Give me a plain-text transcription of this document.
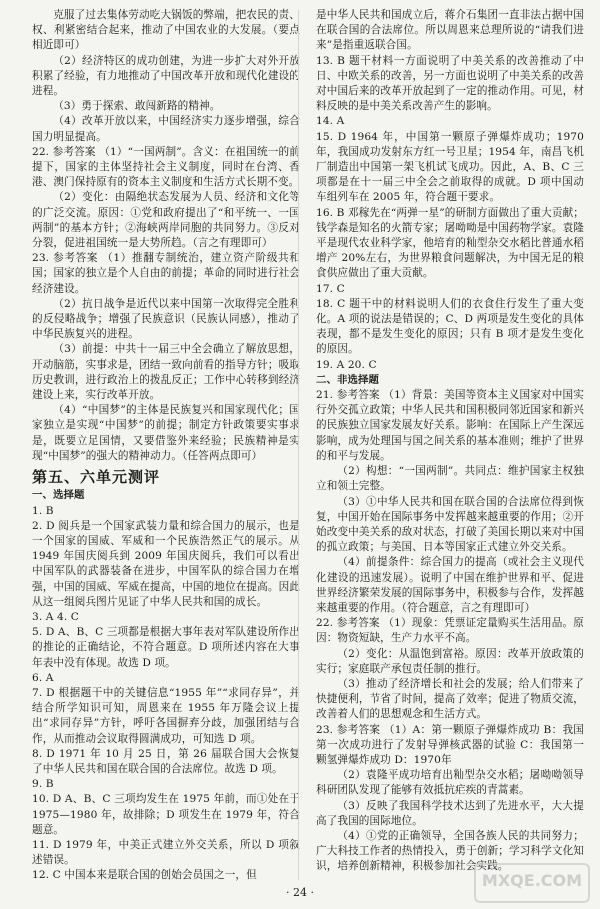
克服了过去集体劳动吃大锅饭的弊端，把农民的责、权、利紧密结合起来，推动了中国农业的大发展。（要点相近即可）

（2）经济特区的成功创建，为进一步扩大对外开放积累了经验，有力地推动了中国改革开放和现代化建设的进程。

（3）勇于探索、敢闯新路的精神。

（4）改革开放以来，中国经济实力逐步增强，综合国力明显提高。

22. 参考答案 （1）“一国两制”。含义：在祖国统一的前提下，国家的主体坚持社会主义制度，同时在台湾、香港、澳门保持原有的资本主义制度和生活方式长期不变。

（2）变化：由隔绝状态发展为人员、经济和文化等的广泛交流。原因：①党和政府提出了“和平统一、一国两制”的基本方针；②海峡两岸同胞的共同努力。③反对分裂，促进祖国统一是大势所趋。（言之有理即可）

23. 参考答案 （1）推翻专制统治，建立资产阶级共和国；国家的独立是个人自由的前提；革命的同时进行社会经济建设。

（2）抗日战争是近代以来中国第一次取得完全胜利的反侵略战争；增强了民族意识（民族认同感），推动了中华民族复兴的进程。

（3）前提：中共十一届三中全会确立了解放思想，开动脑筋，实事求是，团结一致向前看的指导方针；吸取历史教训，进行政治上的拨乱反正；工作中心转移到经济建设上来，实行改革开放。

（4）“中国梦”的主体是民族复兴和国家现代化；国家独立是实现“中国梦”的前提；制定方针政策要实事求是，既要立足国情，又要借鉴外来经验；民族精神是实现“中国梦”的强大的精神动力。（任答两点即可）

第五、六单元测评

一、选择题

1. B

2. D 阅兵是一个国家武装力量和综合国力的展示，也是一个国家的国威、军威和一个民族浩然正气的展示。从 1949 年国庆阅兵到 2009 年国庆阅兵，我们可以看出中国军队的武器装备在进步，中国军队的综合国力在增强，中国的国威、军威在提高，中国的地位在提高。因此从这一组阅兵图片见证了中华人民共和国的成长。

3. A 4. C

5. D A、B、C 三项都是根据大事年表对军队建设所作出的推论的正确结论，不符合题意。D 项所述内容在大事年表中没有体现。故选 D 项。

6. A

7. D 根据题干中的关键信息“1955 年”“求同存异”，并结合所学知识可知，周恩来在 1955 年万隆会议上提出“求同存异”方针，呼吁各国摒弃分歧，加强团结与合作，从而推动会议取得圆满成功，可知选 D 项。

8. D 1971 年 10 月 25 日，第 26 届联合国大会恢复了中华人民共和国在联合国的合法席位。故选 D 项。

9. B

10. D A、B、C 三项均发生在 1975 年前，而①处在于 1975—1980 年，故排除；D 项发生在 1979 年，符合题意。

11. D 1979 年，中美正式建立外交关系，所以 D 项叙述错误。

12. C 中国本来是联合国的创始会员国之一，但

是中华人民共和国成立后，蒋介石集团一直非法占据中国在联合国的合法席位。所以周恩来总理所说的“请我们进来”是指重返联合国。

13. B 题干材料一方面说明了中美关系的改善推动了中日、中欧关系的改善，另一方面也说明了中美关系的改善对中国后来的改革开放起到了一定的推动作用。可见，材料反映的是中美关系改善产生的影响。

14. A

15. D 1964 年，中国第一颗原子弹爆炸成功；1970 年，我国成功发射东方红一号卫星；1954 年，南昌飞机厂制造出中国第一架飞机试飞成功。因此，A、B、C 三项都是在十一届三中全会之前取得的成就。D 项中国动车组列车在 2005 年，符合题干要求。

16. B 邓稼先在“两弹一星”的研制方面做出了重大贡献；钱学森是知名的火箭专家；屠呦呦是中国药物学家。袁隆平是现代农业科学家，他培育的籼型杂交水稻比普通水稻增产 20%左右，为世界粮食问题解决，为中国无足的粮食供应做出了重大贡献。

17. C

18. C 题干中的材料说明人们的衣食住行发生了重大变化。A 项的说法是错误的；C、D 两项是发生变化的具体表现，都不是发生变化的原因；只有 B 项才是发生变化的原因。

19. A 20. C

二、非选择题

21. 参考答案 （1）背景：美国等资本主义国家对中国实行外交孤立政策；中华人民共和国积极同邻近国家和新兴的民族独立国家发展友好关系。影响：在国际上产生深远影响，成为处理国与国之间关系的基本准则；维护了世界的和平与发展。

（2）构想：“一国两制”。共同点：维护国家主权独立和领土完整。

（3）①中华人民共和国在联合国的合法席位得到恢复，中国开始在国际事务中发挥越来越重要的作用；②开始改变中美关系的敌对状态，打破了美国长期以来对中国的孤立政策；与美国、日本等国家正式建立外交关系。

（4）前提条件：综合国力的提高（或社会主义现代化建设的迅速发展）。说明了中国在维护世界和平、促进世界经济繁荣发展的国际事务中，积极参与合作，发挥越来越重要的作用。（符合题意，言之有理即可）

22. 参考答案 （1）现象：凭票证定量购买生活用品。原因：物资短缺，生产力水平不高。

（2）变化：从温饱到富裕。原因：改革开放政策的实行；家庭联产承包责任制的推行。

（3）推动了经济增长和社会的发展；给人们带来了快捷便利，节省了时间，提高了效率；促进了物质交流，改善着人们的思想观念和生活方式。

23. 参考答案 （1）A：第一颗原子弹爆炸成功 B：我国第一次成功进行了发射导弹核武器的试验 C：我国第一颗氢弹爆炸成功 D：1970年

（2）袁隆平成功培育出籼型杂交水稻；屠呦呦领导科研团队发现了能够有效抵抗疟疾的青蒿素。

（3）反映了我国科学技术达到了先进水平，大大提高了我国的国际地位。

（4）①党的正确领导，全国各族人民的共同努力；广大科技工作者的热情投入，勇于创新；学习科学文化知识，培养创新精神，积极参加社会实践。

· 24 ·
MXQE.COM
